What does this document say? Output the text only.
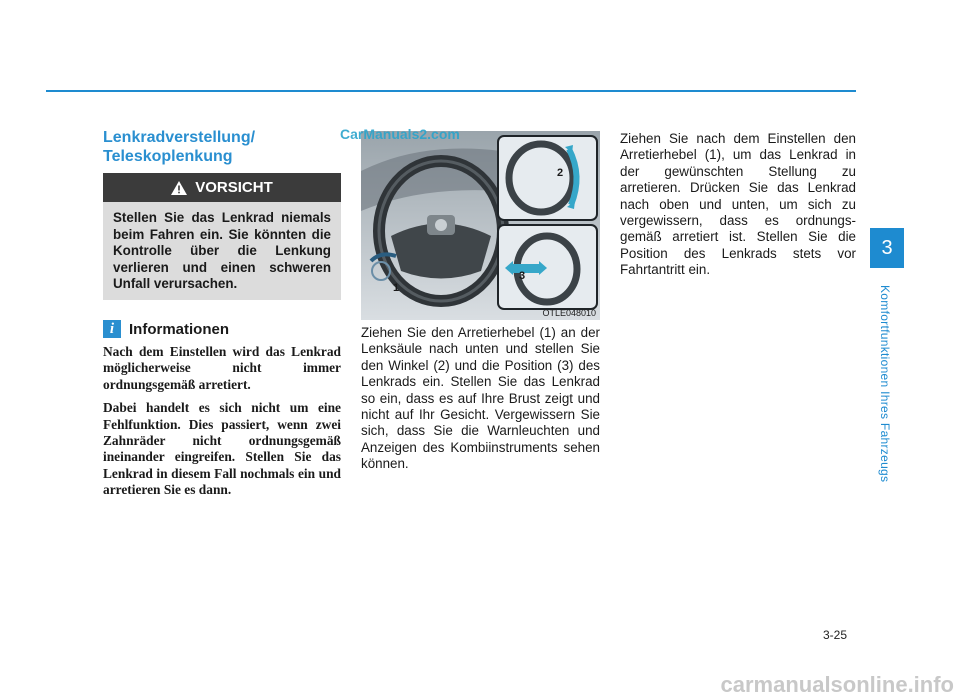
Lenkradverstellung/ Teleskoplenkung
VORSICHT
Stellen Sie das Lenkrad niemals beim Fahren ein. Sie könnten die Kontrolle über die Lenkung verlieren und einen schweren Unfall verursachen.
i Informationen

Nach dem Einstellen wird das Lenkrad möglicherweise nicht immer ordnungsgemäß arretiert.

Dabei handelt es sich nicht um eine Fehlfunktion. Dies passiert, wenn zwei Zahnräder nicht ordnungsgemäß ineinander eingreifen. Stellen Sie das Lenkrad in diesem Fall nochmals ein und arretieren Sie es dann.

1
2
3
OTLE048010
CarManuals2.com

Ziehen Sie den Arretierhebel (1) an der Lenksäule nach unten und stellen Sie den Winkel (2) und die Position (3) des Lenkrads ein. Stellen Sie das Lenkrad so ein, dass es auf Ihre Brust zeigt und nicht auf Ihr Gesicht. Vergewissern Sie sich, dass Sie die Warnleuchten und Anzeigen des Kombiinstruments sehen können.

Ziehen Sie nach dem Einstellen den Arretierhebel (1), um das Lenkrad in der gewünschten Stellung zu arretieren. Drücken Sie das Lenkrad nach oben und unten, um sich zu vergewissern, dass es ordnungs-gemäß arretiert ist. Stellen Sie die Position des Lenkrads stets vor Fahrtantritt ein.

3
Komfortfunktionen Ihres Fahrzeugs
3-25
carmanualsonline.info
